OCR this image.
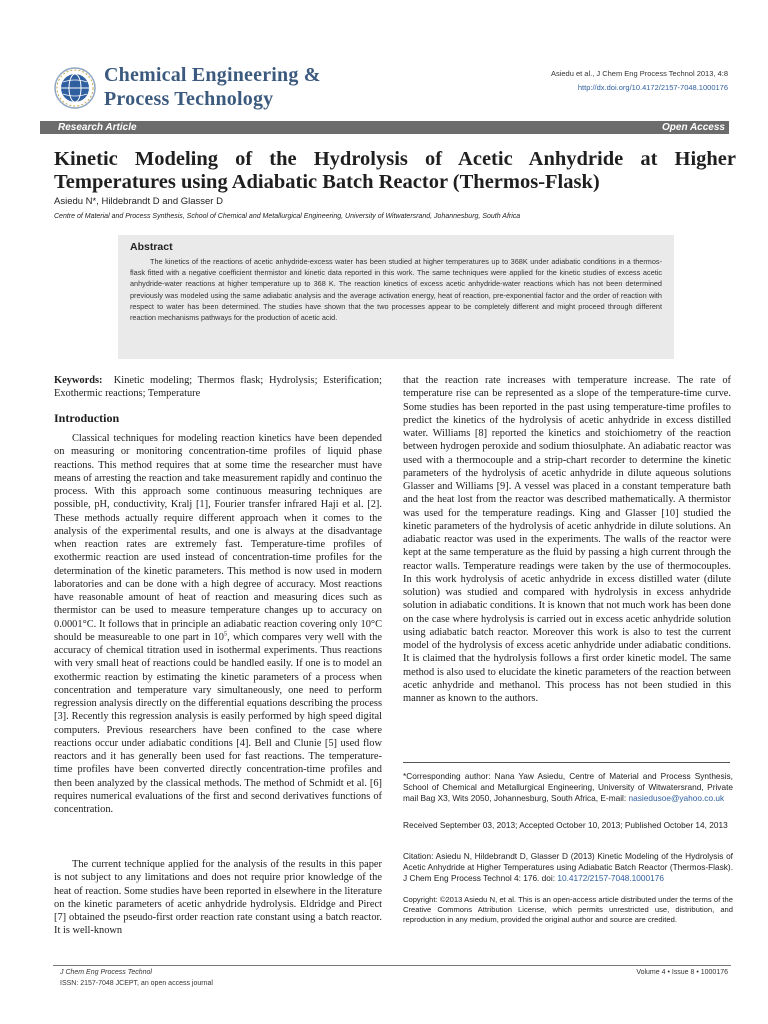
Chemical Engineering &
Process Technology
Asiedu et al., J Chem Eng Process Technol 2013, 4:8
http://dx.doi.org/10.4172/2157-7048.1000176
Research Article	Open Access
Kinetic Modeling of the Hydrolysis of Acetic Anhydride at Higher Temperatures using Adiabatic Batch Reactor (Thermos-Flask)
Asiedu N*, Hildebrandt D and Glasser D
Centre of Material and Process Synthesis, School of Chemical and Metallurgical Engineering, University of Witwatersrand, Johannesburg, South Africa
Abstract

The kinetics of the reactions of acetic anhydride-excess water has been studied at higher temperatures up to 368K under adiabatic conditions in a thermos-flask fitted with a negative coefficient thermistor and kinetic data reported in this work. The same techniques were applied for the kinetic studies of excess acetic anhydride-water reactions at higher temperature up to 368 K. The reaction kinetics of excess acetic anhydride-water reactions which has not been determined previously was modeled using the same adiabatic analysis and the average activation energy, heat of reaction, pre-exponential factor and the order of reaction with respect to water has been determined. The studies have shown that the two processes appear to be completely different and might proceed through different reaction mechanisms pathways for the production of acetic acid.

Keywords: Kinetic modeling; Thermos flask; Hydrolysis; Esterification; Exothermic reactions; Temperature

Introduction

Classical techniques for modeling reaction kinetics have been depended on measuring or monitoring concentration-time profiles of liquid phase reactions. This method requires that at some time the researcher must have means of arresting the reaction and take measurement rapidly and continuo the process. With this approach some continuous measuring techniques are possible, pH, conductivity, Kralj [1], Fourier transfer infrared Haji et al. [2]. These methods actually require different approach when it comes to the analysis of the experimental results, and one is always at the disadvantage when reaction rates are extremely fast. Temperature-time profiles of exothermic reaction are used instead of concentration-time profiles for the determination of the kinetic parameters. This method is now used in modern laboratories and can be done with a high degree of accuracy. Most reactions have reasonable amount of heat of reaction and measuring dices such as thermistor can be used to measure temperature changes up to accuracy on 0.0001°C. It follows that in principle an adiabatic reaction covering only 10°C should be measureable to one part in $10^5$, which compares very well with the accuracy of chemical titration used in isothermal experiments. Thus reactions with very small heat of reactions could be handled easily. If one is to model an exothermic reaction by estimating the kinetic parameters of a process when concentration and temperature vary simultaneously, one need to perform regression analysis directly on the differential equations describing the process [3]. Recently this regression analysis is easily performed by high speed digital computers. Previous researchers have been confined to the case where reactions occur under adiabatic conditions [4]. Bell and Clunie [5] used flow reactors and it has generally been used for fast reactions. The temperature-time profiles have been converted directly concentration-time profiles and then been analyzed by the classical methods. The method of Schmidt et al. [6] requires numerical evaluations of the first and second derivatives functions of concentration.

The current technique applied for the analysis of the results in this paper is not subject to any limitations and does not require prior knowledge of the heat of reaction. Some studies have been reported in elsewhere in the literature on the kinetic parameters of acetic anhydride hydrolysis. Eldridge and Pirect [7] obtained the pseudo-first order reaction rate constant using a batch reactor. It is well-known

that the reaction rate increases with temperature increase. The rate of temperature rise can be represented as a slope of the temperature-time curve. Some studies has been reported in the past using temperature-time profiles to predict the kinetics of the hydrolysis of acetic anhydride in excess distilled water. Williams [8] reported the kinetics and stoichiometry of the reaction between hydrogen peroxide and sodium thiosulphate. An adiabatic reactor was used with a thermocouple and a strip-chart recorder to determine the kinetic parameters of the hydrolysis of acetic anhydride in dilute aqueous solutions Glasser and Williams [9]. A vessel was placed in a constant temperature bath and the heat lost from the reactor was described mathematically. A thermistor was used for the temperature readings. King and Glasser [10] studied the kinetic parameters of the hydrolysis of acetic anhydride in dilute solutions. An adiabatic reactor was used in the experiments. The walls of the reactor were kept at the same temperature as the fluid by passing a high current through the reactor walls. Temperature readings were taken by the use of thermocouples. In this work hydrolysis of acetic anhydride in excess distilled water (dilute solution) was studied and compared with hydrolysis in excess anhydride solution in adiabatic conditions. It is known that not much work has been done on the case where hydrolysis is carried out in excess acetic anhydride solution using adiabatic batch reactor. Moreover this work is also to test the current model of the hydrolysis of excess acetic anhydride under adiabatic conditions. It is claimed that the hydrolysis follows a first order kinetic model. The same method is also used to elucidate the kinetic parameters of the reaction between acetic anhydride and methanol. This process has not been studied in this manner as known to the authors.

*Corresponding author: Nana Yaw Asiedu, Centre of Material and Process Synthesis, School of Chemical and Metallurgical Engineering, University of Witwatersrand, Private mail Bag X3, Wits 2050, Johannesburg, South Africa, E-mail: nasiedusoe@yahoo.co.uk
Received September 03, 2013; Accepted October 10, 2013; Published October 14, 2013
Citation: Asiedu N, Hildebrandt D, Glasser D (2013) Kinetic Modeling of the Hydrolysis of Acetic Anhydride at Higher Temperatures using Adiabatic Batch Reactor (Thermos-Flask). J Chem Eng Process Technol 4: 176. doi: 10.4172/2157-7048.1000176
Copyright: ©2013 Asiedu N, et al. This is an open-access article distributed under the terms of the Creative Commons Attribution License, which permits unrestricted use, distribution, and reproduction in any medium, provided the original author and source are credited.
J Chem Eng Process Technol
ISSN: 2157-7048 JCEPT, an open access journal
Volume 4 • Issue 8 • 1000176
